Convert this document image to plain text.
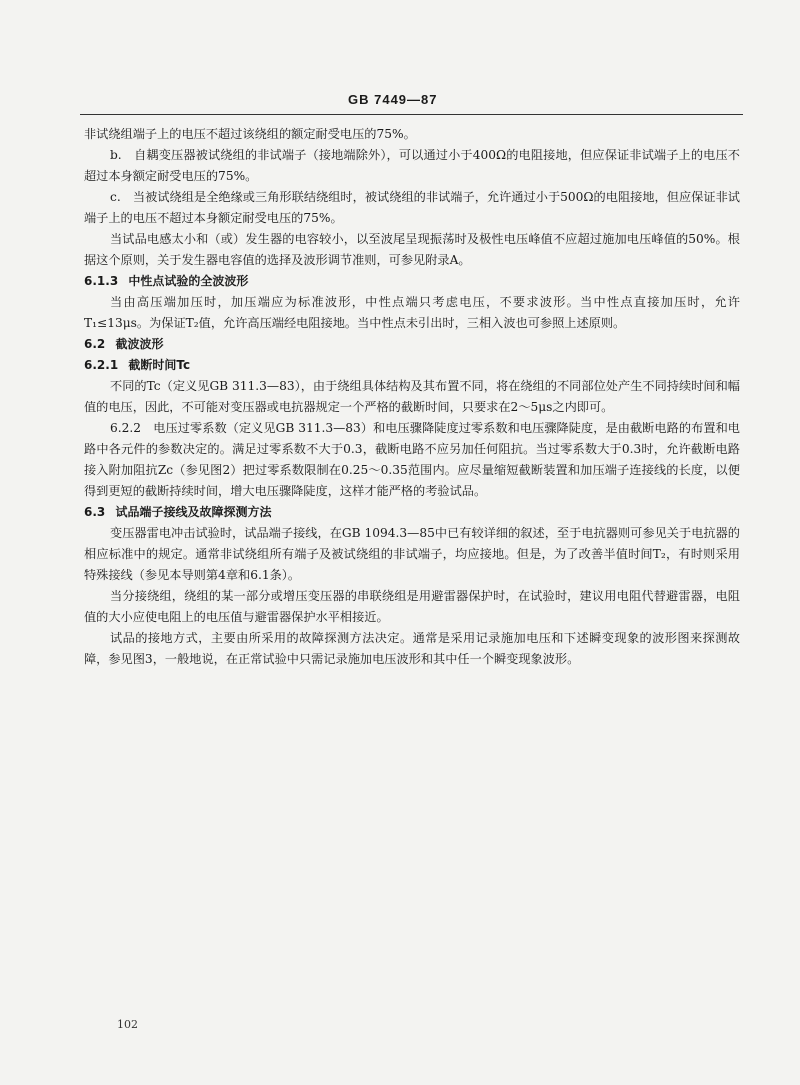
GB 7449—87

非试绕组端子上的电压不超过该绕组的额定耐受电压的75%。

b.　自耦变压器被试绕组的非试端子（接地端除外），可以通过小于400Ω的电阻接地，但应保证非试端子上的电压不超过本身额定耐受电压的75%。

c.　当被试绕组是全绝缘或三角形联结绕组时，被试绕组的非试端子，允许通过小于500Ω的电阻接地，但应保证非试端子上的电压不超过本身额定耐受电压的75%。

当试品电感太小和（或）发生器的电容较小，以至波尾呈现振荡时及极性电压峰值不应超过施加电压峰值的50%。根据这个原则，关于发生器电容值的选择及波形调节准则，可参见附录A。

6.1.3 中性点试验的全波波形

当由高压端加压时，加压端应为标准波形，中性点端只考虑电压，不要求波形。当中性点直接加压时，允许T₁≤13μs。为保证T₂值，允许高压端经电阻接地。当中性点未引出时，三相入波也可参照上述原则。

6.2 截波波形
6.2.1 截断时间Tc

不同的Tc（定义见GB 311.3—83），由于绕组具体结构及其布置不同，将在绕组的不同部位处产生不同持续时间和幅值的电压，因此，不可能对变压器或电抗器规定一个严格的截断时间，只要求在2～5μs之内即可。

6.2.2　电压过零系数（定义见GB 311.3—83）和电压骤降陡度过零系数和电压骤降陡度，是由截断电路的布置和电路中各元件的参数决定的。满足过零系数不大于0.3，截断电路不应另加任何阻抗。当过零系数大于0.3时，允许截断电路接入附加阻抗Zc（参见图2）把过零系数限制在0.25～0.35范围内。应尽量缩短截断装置和加压端子连接线的长度，以便得到更短的截断持续时间，增大电压骤降陡度，这样才能严格的考验试品。

6.3 试品端子接线及故障探测方法

变压器雷电冲击试验时，试品端子接线，在GB 1094.3—85中已有较详细的叙述，至于电抗器则可参见关于电抗器的相应标准中的规定。通常非试绕组所有端子及被试绕组的非试端子，均应接地。但是，为了改善半值时间T₂，有时则采用特殊接线（参见本导则第4章和6.1条）。

当分接绕组，绕组的某一部分或增压变压器的串联绕组是用避雷器保护时，在试验时，建议用电阻代替避雷器，电阻值的大小应使电阻上的电压值与避雷器保护水平相接近。

试品的接地方式，主要由所采用的故障探测方法决定。通常是采用记录施加电压和下述瞬变现象的波形图来探测故障，参见图3，一般地说，在正常试验中只需记录施加电压波形和其中任一个瞬变现象波形。

102
